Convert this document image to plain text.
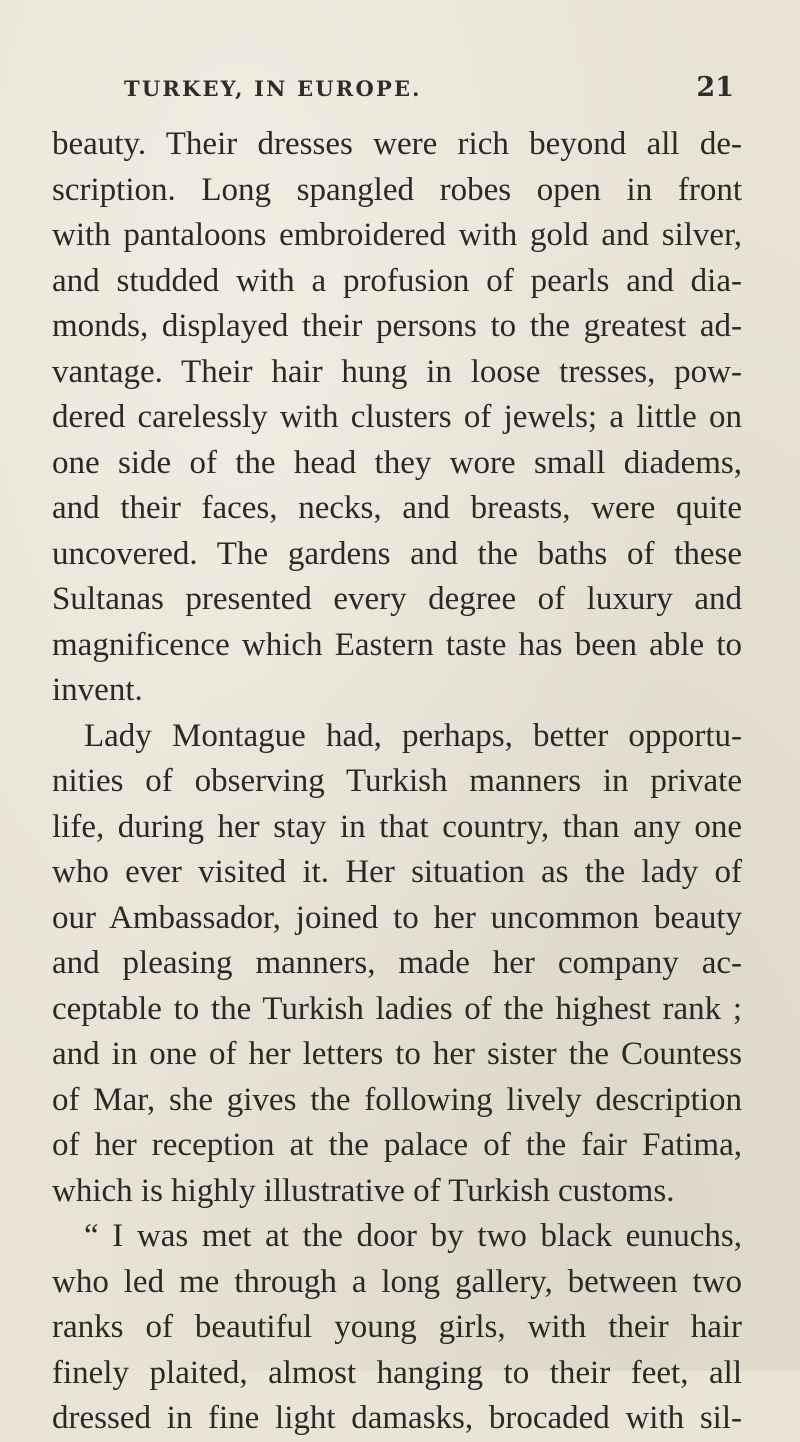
TURKEY, IN EUROPE.	21
beauty. Their dresses were rich beyond all de-
scription. Long spangled robes open in front
with pantaloons embroidered with gold and silver,
and studded with a profusion of pearls and dia-
monds, displayed their persons to the greatest ad-
vantage. Their hair hung in loose tresses, pow-
dered carelessly with clusters of jewels; a little on
one side of the head they wore small diadems,
and their faces, necks, and breasts, were quite
uncovered. The gardens and the baths of these
Sultanas presented every degree of luxury and
magnificence which Eastern taste has been able to
invent.
Lady Montague had, perhaps, better opportu-
nities of observing Turkish manners in private
life, during her stay in that country, than any one
who ever visited it. Her situation as the lady of
our Ambassador, joined to her uncommon beauty
and pleasing manners, made her company ac-
ceptable to the Turkish ladies of the highest rank ;
and in one of her letters to her sister the Countess
of Mar, she gives the following lively description
of her reception at the palace of the fair Fatima,
which is highly illustrative of Turkish customs.
“ I was met at the door by two black eunuchs,
who led me through a long gallery, between two
ranks of beautiful young girls, with their hair
finely plaited, almost hanging to their feet, all
dressed in fine light damasks, brocaded with sil-
